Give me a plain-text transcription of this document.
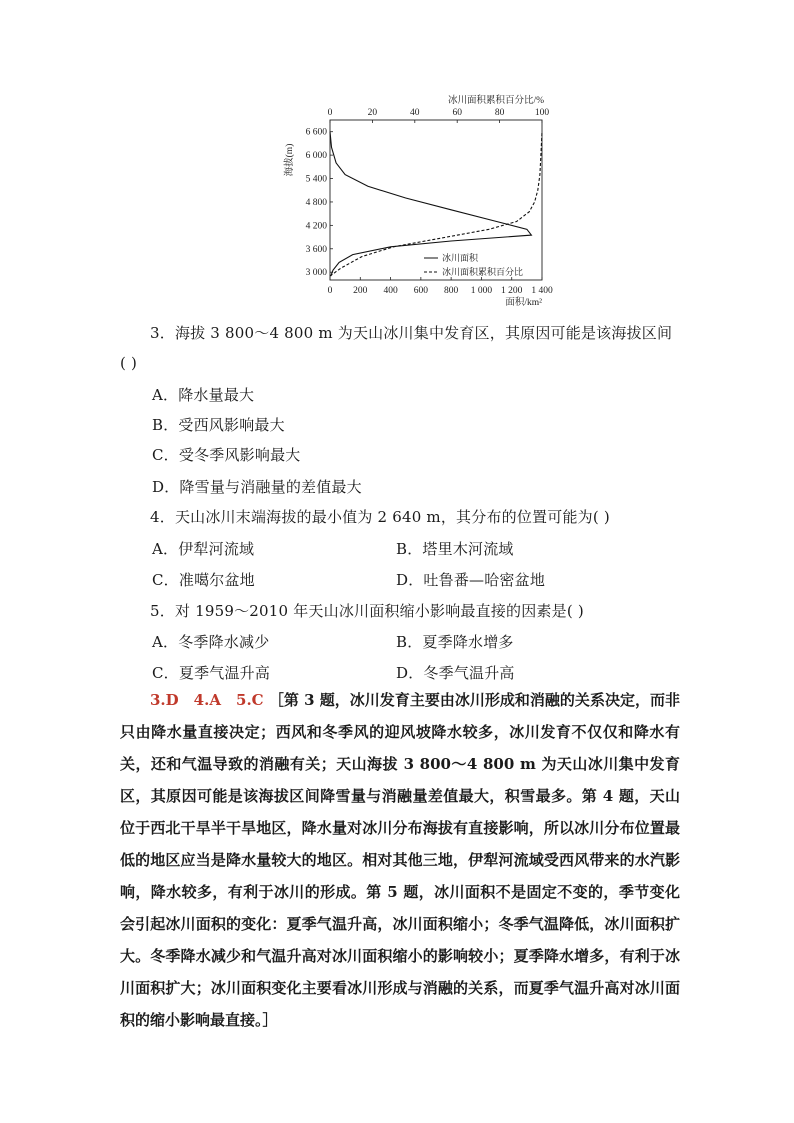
0	20	40	60	80	100
冰川面积累积百分比/%
0 200 400 600 800 1 000 1 200 1 400
面积/km²
6 600
6 000
5 400
4 800
4 200
3 600
3 000
海拔(m)
冰川面积
冰川面积累积百分比
3．海拔 3 800～4 800 m 为天山冰川集中发育区，其原因可能是该海拔区间
( )
A．降水量最大
B．受西风影响最大
C．受冬季风影响最大
D．降雪量与消融量的差值最大
4．天山冰川末端海拔的最小值为 2 640 m，其分布的位置可能为( )
A．伊犁河流域	B．塔里木河流域
C．准噶尔盆地	D．吐鲁番—哈密盆地
5．对 1959～2010 年天山冰川面积缩小影响最直接的因素是( )
A．冬季降水减少	B．夏季降水增多
C．夏季气温升高	D．冬季气温升高

3.D　4.A　5.C ［第 3 题，冰川发育主要由冰川形成和消融的关系决定，而非只由降水量直接决定；西风和冬季风的迎风坡降水较多，冰川发育不仅仅和降水有关，还和气温导致的消融有关；天山海拔 3 800～4 800 m 为天山冰川集中发育区，其原因可能是该海拔区间降雪量与消融量差值最大，积雪最多。第 4 题，天山位于西北干旱半干旱地区，降水量对冰川分布海拔有直接影响，所以冰川分布位置最低的地区应当是降水量较大的地区。相对其他三地，伊犁河流域受西风带来的水汽影响，降水较多，有利于冰川的形成。第 5 题，冰川面积不是固定不变的，季节变化会引起冰川面积的变化：夏季气温升高，冰川面积缩小；冬季气温降低，冰川面积扩大。冬季降水减少和气温升高对冰川面积缩小的影响较小；夏季降水增多，有利于冰川面积扩大；冰川面积变化主要看冰川形成与消融的关系，而夏季气温升高对冰川面积的缩小影响最直接。］
